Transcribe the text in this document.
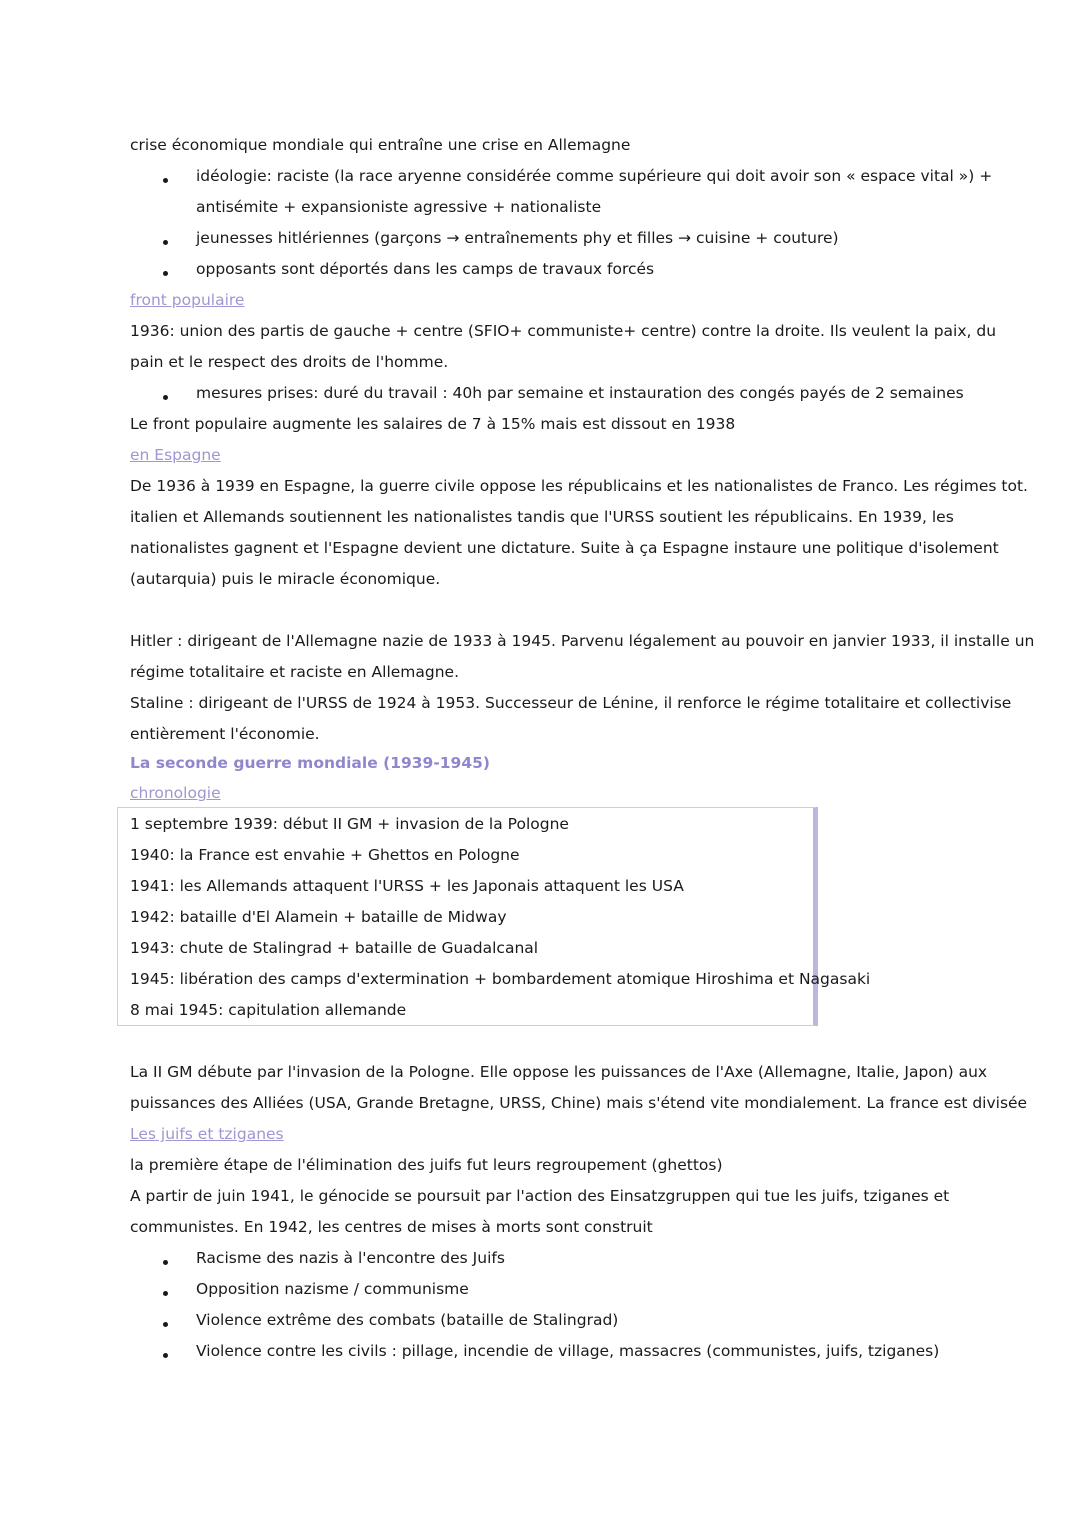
crise économique mondiale qui entraîne une crise en Allemagne
idéologie: raciste (la race aryenne considérée comme supérieure qui doit avoir son « espace vital ») +
antisémite + expansioniste agressive + nationaliste
jeunesses hitlériennes (garçons → entraînements phy et filles → cuisine + couture)
opposants sont déportés dans les camps de travaux forcés
front populaire
1936: union des partis de gauche + centre (SFIO+ communiste+ centre) contre la droite. Ils veulent la paix, du
pain et le respect des droits de l'homme.
mesures prises: duré du travail : 40h par semaine et instauration des congés payés de 2 semaines
Le front populaire augmente les salaires de 7 à 15% mais est dissout en 1938
en Espagne
De 1936 à 1939 en Espagne, la guerre civile oppose les républicains et les nationalistes de Franco. Les régimes tot.
italien et Allemands soutiennent les nationalistes tandis que l'URSS soutient les républicains. En 1939, les
nationalistes gagnent et l'Espagne devient une dictature. Suite à ça Espagne instaure une politique d'isolement
(autarquia) puis le miracle économique.
Hitler : dirigeant de l'Allemagne nazie de 1933 à 1945. Parvenu légalement au pouvoir en janvier 1933, il installe un
régime totalitaire et raciste en Allemagne.
Staline : dirigeant de l'URSS de 1924 à 1953. Successeur de Lénine, il renforce le régime totalitaire et collectivise
entièrement l'économie.
La seconde guerre mondiale (1939-1945)
chronologie
1 septembre 1939: début II GM + invasion de la Pologne
1940: la France est envahie + Ghettos en Pologne
1941: les Allemands attaquent l'URSS + les Japonais attaquent les USA
1942: bataille d'El Alamein + bataille de Midway
1943: chute de Stalingrad + bataille de Guadalcanal
1945: libération des camps d'extermination + bombardement atomique Hiroshima et Nagasaki
8 mai 1945: capitulation allemande
La II GM débute par l'invasion de la Pologne. Elle oppose les puissances de l'Axe (Allemagne, Italie, Japon) aux
puissances des Alliées (USA, Grande Bretagne, URSS, Chine) mais s'étend vite mondialement. La france est divisée
Les juifs et tziganes
la première étape de l'élimination des juifs fut leurs regroupement (ghettos)
A partir de juin 1941, le génocide se poursuit par l'action des Einsatzgruppen qui tue les juifs, tziganes et
communistes. En 1942, les centres de mises à morts sont construit
Racisme des nazis à l'encontre des Juifs
Opposition nazisme / communisme
Violence extrême des combats (bataille de Stalingrad)
Violence contre les civils : pillage, incendie de village, massacres (communistes, juifs, tziganes)
